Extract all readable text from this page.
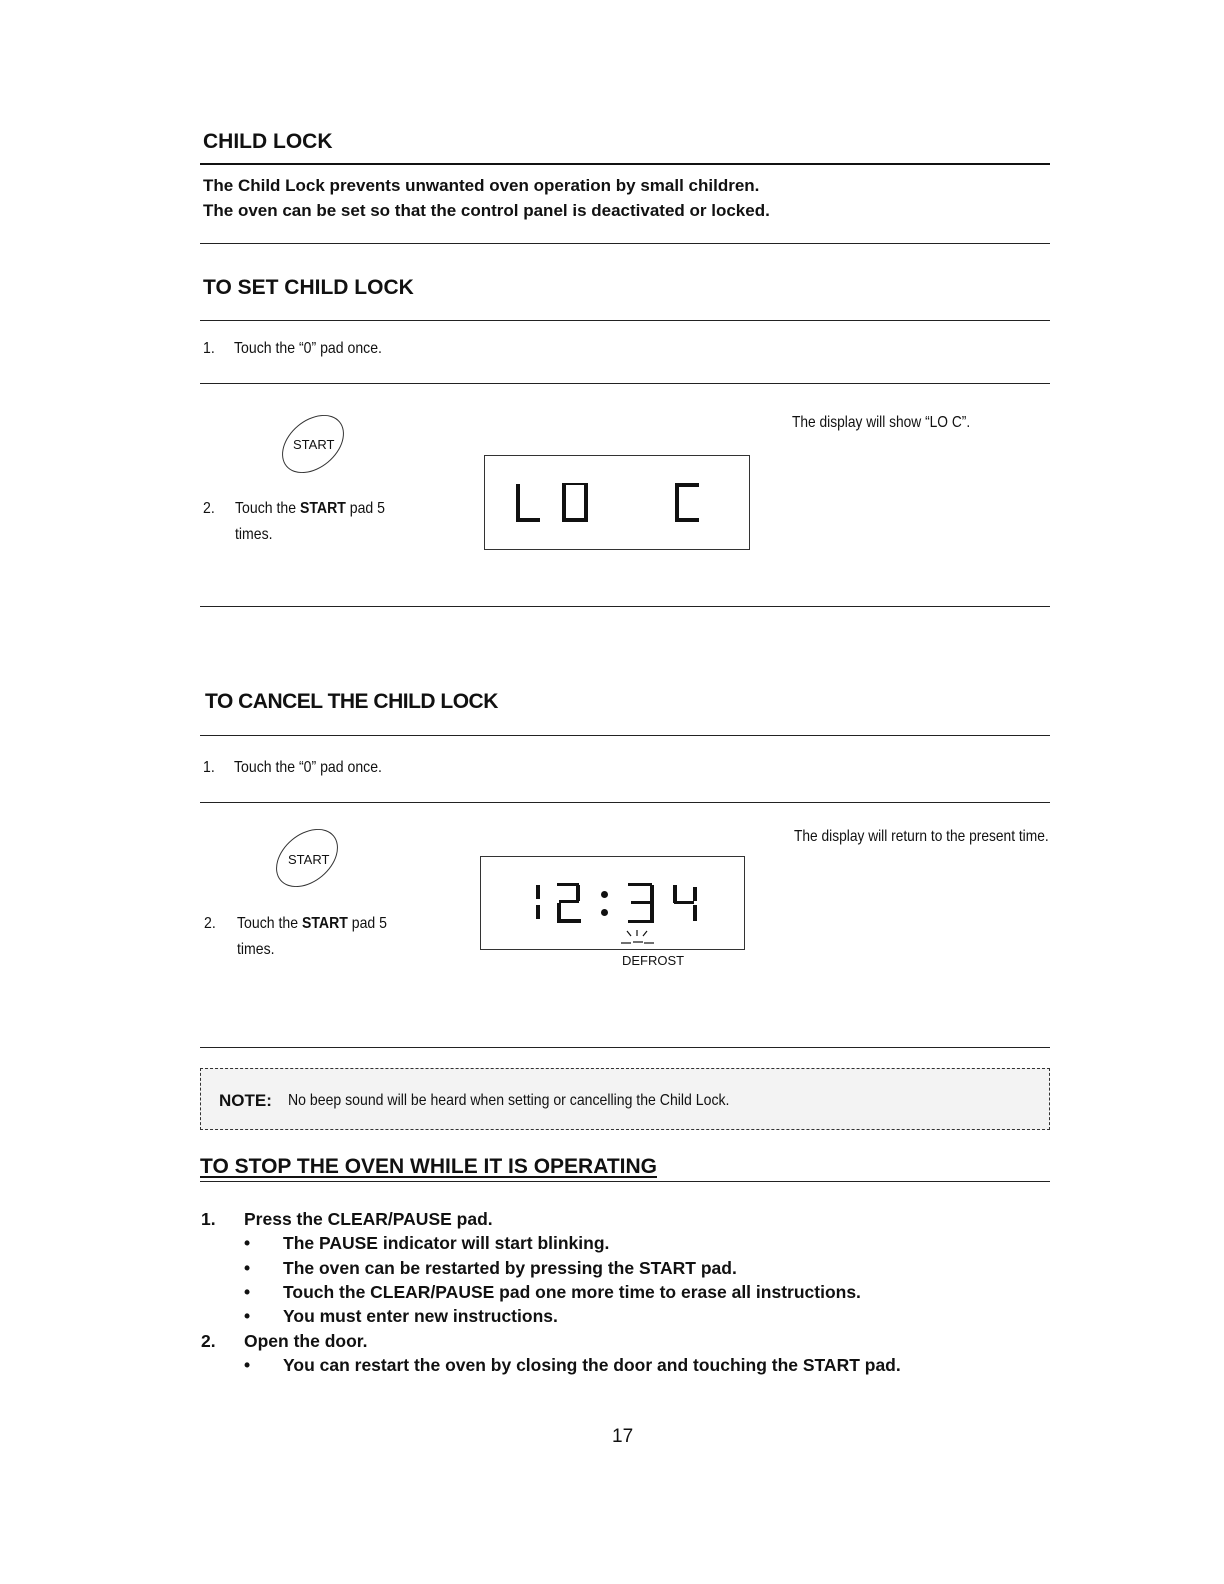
CHILD LOCK
The Child Lock prevents unwanted oven operation by small children.
The oven can be set so that the control panel is deactivated or locked.
TO SET CHILD LOCK
1. Touch the “0” pad once.
START
2. Touch the START pad 5
times.
The display will show “LO C”.
TO CANCEL THE CHILD LOCK
1. Touch the “0” pad once.
START
2. Touch the START pad 5
times.
DEFROST
The display will return to the present time.
NOTE: No beep sound will be heard when setting or cancelling the Child Lock.
TO STOP THE OVEN WHILE IT IS OPERATING
1. Press the CLEAR/PAUSE pad.
• The PAUSE indicator will start blinking.
• The oven can be restarted by pressing the START pad.
• Touch the CLEAR/PAUSE pad one more time to erase all instructions.
• You must enter new instructions.
2. Open the door.
• You can restart the oven by closing the door and touching the START pad.
17
